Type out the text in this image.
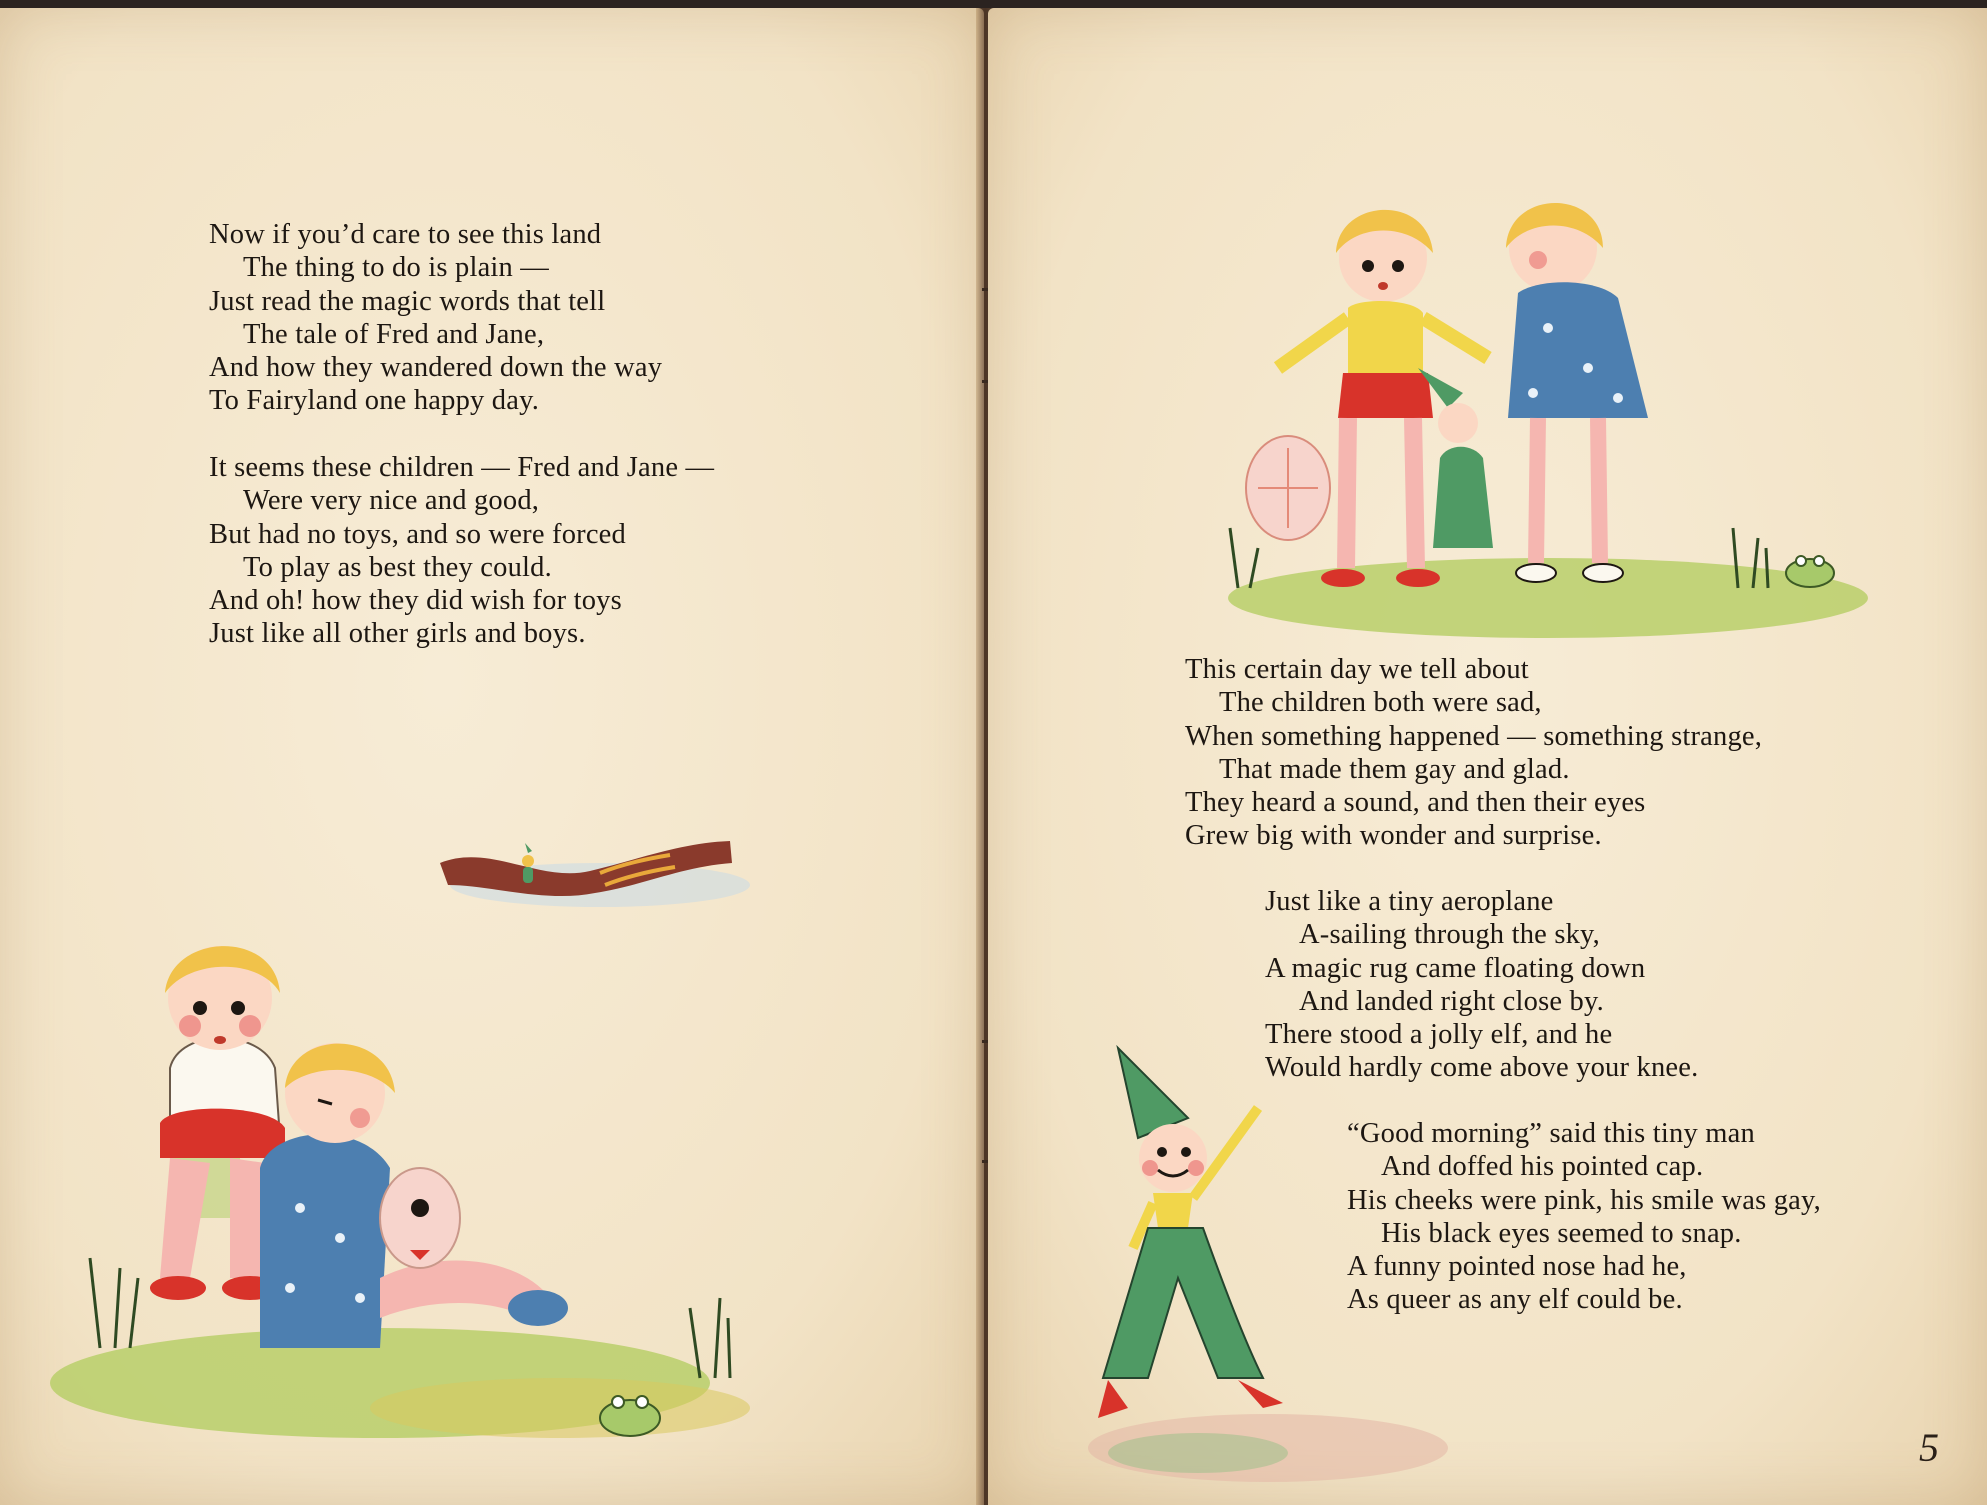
Now if you’d care to see this land
The thing to do is plain —
Just read the magic words that tell
The tale of Fred and Jane,
And how they wandered down the way
To Fairyland one happy day.
It seems these children — Fred and Jane —
Were very nice and good,
But had no toys, and so were forced
To play as best they could.
And oh! how they did wish for toys
Just like all other girls and boys.
This certain day we tell about
The children both were sad,
When something happened — something strange,
That made them gay and glad.
They heard a sound, and then their eyes
Grew big with wonder and surprise.
Just like a tiny aeroplane
A-sailing through the sky,
A magic rug came floating down
And landed right close by.
There stood a jolly elf, and he
Would hardly come above your knee.
“Good morning” said this tiny man
And doffed his pointed cap.
His cheeks were pink, his smile was gay,
His black eyes seemed to snap.
A funny pointed nose had he,
As queer as any elf could be.
5
